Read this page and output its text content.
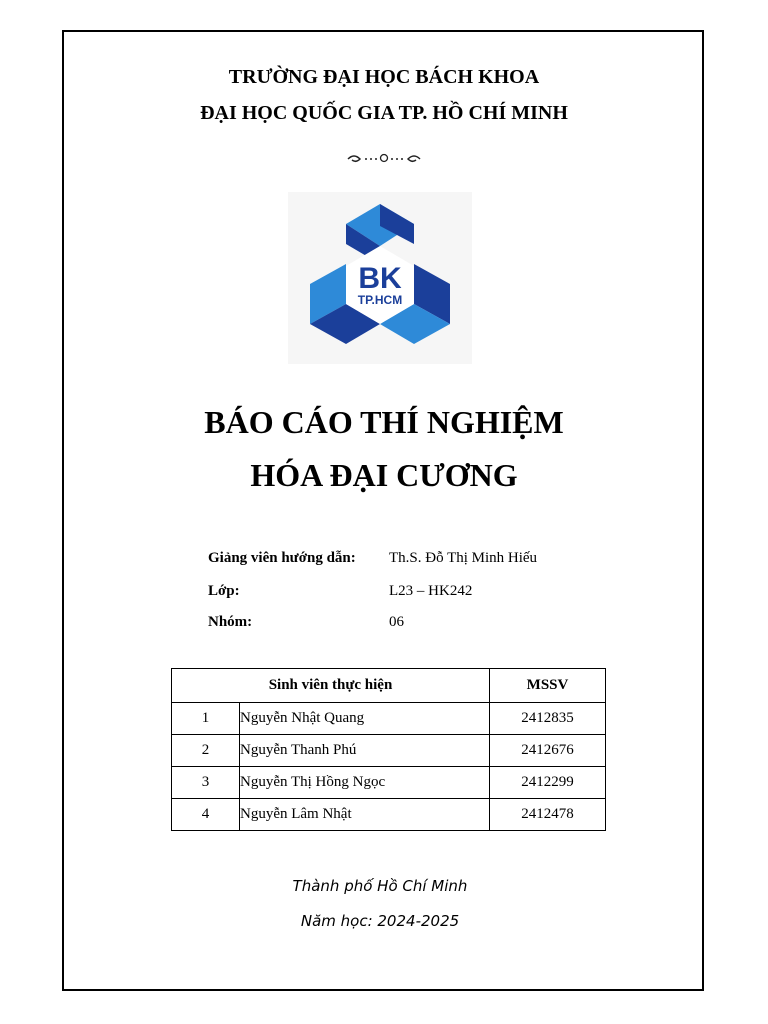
TRƯỜNG ĐẠI HỌC BÁCH KHOA
ĐẠI HỌC QUỐC GIA TP. HỒ CHÍ MINH
BK
TP.HCM
BÁO CÁO THÍ NGHIỆM
HÓA ĐẠI CƯƠNG
Giảng viên hướng dẫn: Th.S. Đỗ Thị Minh Hiếu
Lớp:	L23 – HK242
Nhóm:	06
Sinh viên thực hiện		MSSV
1	Nguyễn Nhật Quang	2412835
2	Nguyễn Thanh Phú	2412676
3	Nguyễn Thị Hồng Ngọc	2412299
4	Nguyễn Lâm Nhật	2412478
Thành phố Hồ Chí Minh
Năm học: 2024-2025
